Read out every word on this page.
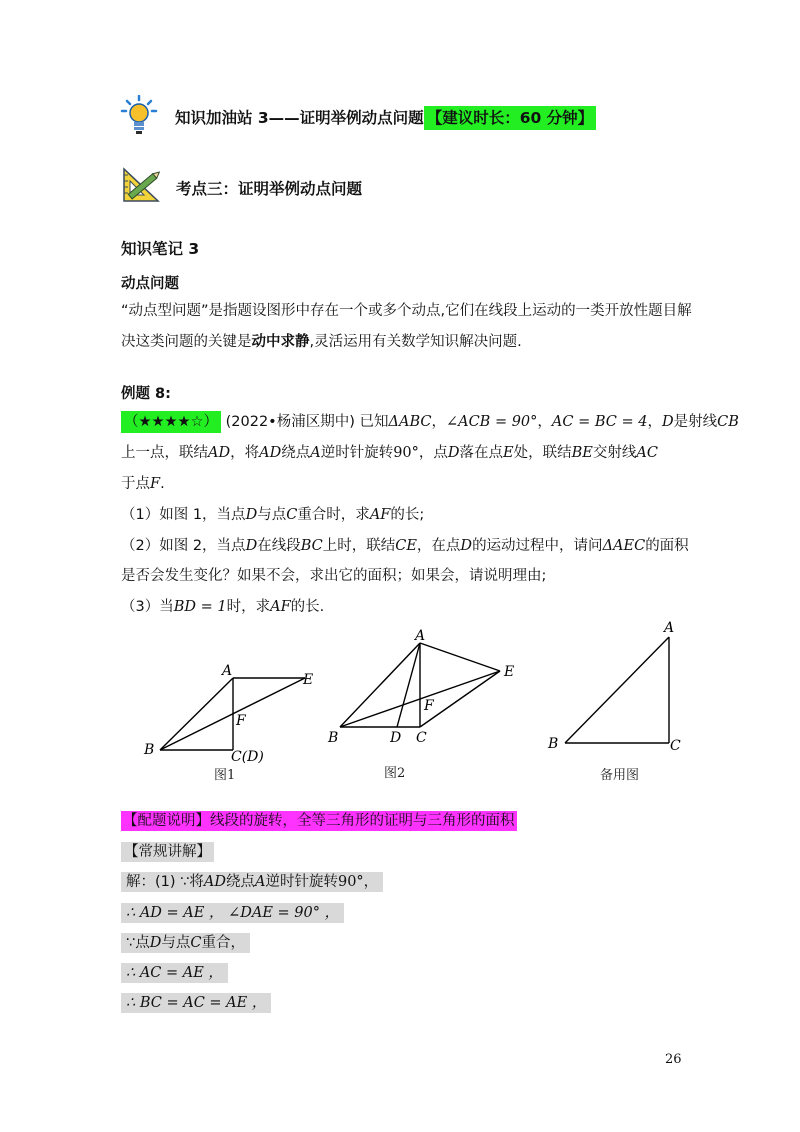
知识加油站 3——证明举例动点问题 【建议时长：60 分钟】
考点三：证明举例动点问题
知识笔记 3
动点问题
“动点型问题”是指题设图形中存在一个或多个动点,它们在线段上运动的一类开放性题目解
决这类问题的关键是动中求静,灵活运用有关数学知识解决问题.
例题 8:
（★★★★☆） (2022•杨浦区期中) 已知ΔABC，∠ACB = 90°，AC = BC = 4，D是射线CB
上一点，联结AD，将AD绕点A逆时针旋转90°，点D落在点E处，联结BE交射线AC
于点F.
（1）如图 1，当点D与点C重合时，求AF的长;
（2）如图 2，当点D在线段BC上时，联结CE，在点D的运动过程中，请问ΔAEC的面积
是否会发生变化？如果不会，求出它的面积；如果会，请说明理由;
（3）当BD = 1时，求AF的长.
A
B	C(D)
E
F
图1
A
B	D C
E
F
图2
A
B	C
备用图
【配题说明】线段的旋转，全等三角形的证明与三角形的面积
【常规讲解】
解：(1) ∵将AD绕点A逆时针旋转90°，
∴ AD = AE ， ∠DAE = 90° ，
∵点D与点C重合，
∴ AC = AE ，
∴ BC = AC = AE ，
26
